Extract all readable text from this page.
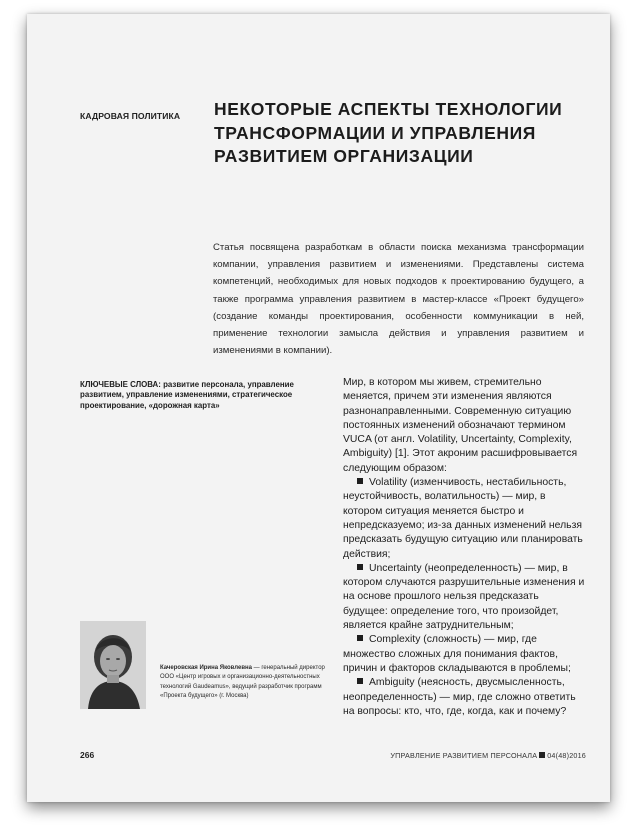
КАДРОВАЯ ПОЛИТИКА НЕКОТОРЫЕ АСПЕКТЫ ТЕХНОЛОГИИ
ТРАНСФОРМАЦИИ И УПРАВЛЕНИЯ
РАЗВИТИЕМ ОРГАНИЗАЦИИ
Статья посвящена разработкам в области поиска механизма трансформации компании, управления развитием и изменениями. Представлены система компетенций, необходимых для новых подходов к проектированию будущего, а также программа управления развитием в мастер-классе «Проект будущего» (создание команды проектирования, особенности коммуникации в ней, применение технологии замысла действия и управления развитием и изменениями в компании).
КЛЮЧЕВЫЕ СЛОВА: развитие персонала, управление развитием, управление изменениями, стратегическое проектирование, «дорожная карта»
Качеровская Ирина Яковлевна — генеральный директор ООО «Центр игровых и организационно-деятельностных технологий Gaudeamus», ведущий разработчик программ «Проекта будущего» (г. Москва)

Мир, в котором мы живем, стремительно меняется, причем эти изменения являются разнонаправленными. Современную ситуацию постоянных изменений обозначают термином VUCA (от англ. Volatility, Uncertainty, Complexity, Ambiguity) [1]. Этот акроним расшифровывается следующим образом:

Volatility (изменчивость, нестабильность, неустойчивость, волатильность) — мир, в котором ситуация меняется быстро и непредсказуемо; из-за данных изменений нельзя предсказать будущую ситуацию или планировать действия;

Uncertainty (неопределенность) — мир, в котором случаются разрушительные изменения и на основе прошлого нельзя предсказать будущее: определение того, что произойдет, является крайне затруднительным;

Complexity (сложность) — мир, где множество сложных для понимания фактов, причин и факторов складываются в проблемы;

Ambiguity (неясность, двусмысленность, неопределенность) — мир, где сложно ответить на вопросы: кто, что, где, когда, как и почему?

266	УПРАВЛЕНИЕ РАЗВИТИЕМ ПЕРСОНАЛА 04(48)2016
